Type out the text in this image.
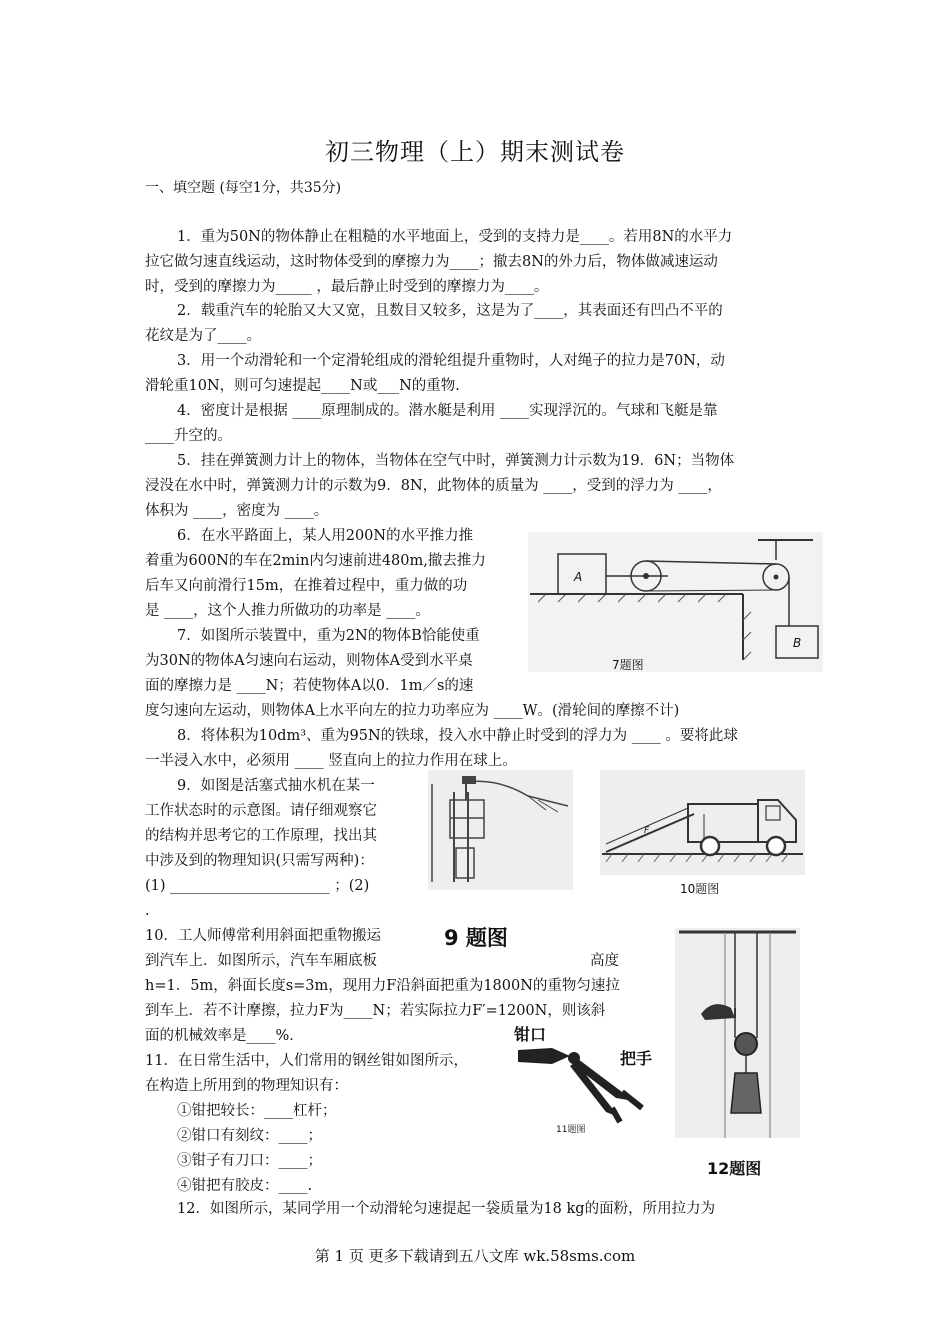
初三物理（上）期末测试卷
一、填空题 (每空1分，共35分)
1．重为50N的物体静止在粗糙的水平地面上，受到的支持力是____。若用8N的水平力
拉它做匀速直线运动，这时物体受到的摩擦力为____；撤去8N的外力后，物体做减速运动
时，受到的摩擦力为_____ ，最后静止时受到的摩擦力为____。
2．载重汽车的轮胎又大又宽，且数目又较多，这是为了____，其表面还有凹凸不平的
花纹是为了____。
3．用一个动滑轮和一个定滑轮组成的滑轮组提升重物时，人对绳子的拉力是70N，动
滑轮重10N，则可匀速提起____N或___N的重物.
4．密度计是根据 ____原理制成的。潜水艇是利用 ____实现浮沉的。气球和飞艇是靠
____升空的。
5．挂在弹簧测力计上的物体，当物体在空气中时，弹簧测力计示数为19．6N；当物体
浸没在水中时，弹簧测力计的示数为9．8N，此物体的质量为 ____，受到的浮力为 ____，
体积为 ____，密度为 ____。
6．在水平路面上，某人用200N的水平推力推
着重为600N的车在2min内匀速前进480m,撤去推力
后车又向前滑行15m，在推着过程中，重力做的功
是 ____，这个人推力所做功的功率是 ____。
7．如图所示装置中，重为2N的物体B恰能使重
为30N的物体A匀速向右运动，则物体A受到水平桌
面的摩擦力是 ____N；若使物体A以0．1m／s的速
度匀速向左运动，则物体A上水平向左的拉力功率应为 ____W。(滑轮间的摩擦不计)
8．将体积为10dm³、重为95N的铁球，投入水中静止时受到的浮力为 ____ 。要将此球
一半浸入水中，必须用 ____ 竖直向上的拉力作用在球上。
9．如图是活塞式抽水机在某一
工作状态时的示意图。请仔细观察它
的结构并思考它的工作原理，找出其
中涉及到的物理知识(只需写两种)：
(1) ______________________ ；(2)
.
10．工人师傅常利用斜面把重物搬运
到汽车上．如图所示，汽车车厢底板	高度
h=1．5m，斜面长度s=3m，现用力F沿斜面把重为1800N的重物匀速拉
到车上．若不计摩擦，拉力F为____N；若实际拉力F′=1200N，则该斜
面的机械效率是____%．
11．在日常生活中，人们常用的钢丝钳如图所示，
在构造上所用到的物理知识有：
①钳把较长：____杠杆；
②钳口有刻纹：____；
③钳子有刀口：____；
④钳把有胶皮：____.
12．如图所示，某同学用一个动滑轮匀速提起一袋质量为18 kg的面粉，所用拉力为
A
B
7题图
9 题图
F
10题图
钳口
把手
11题图
12题图
第 1 页 更多下载请到五八文库 wk.58sms.com
